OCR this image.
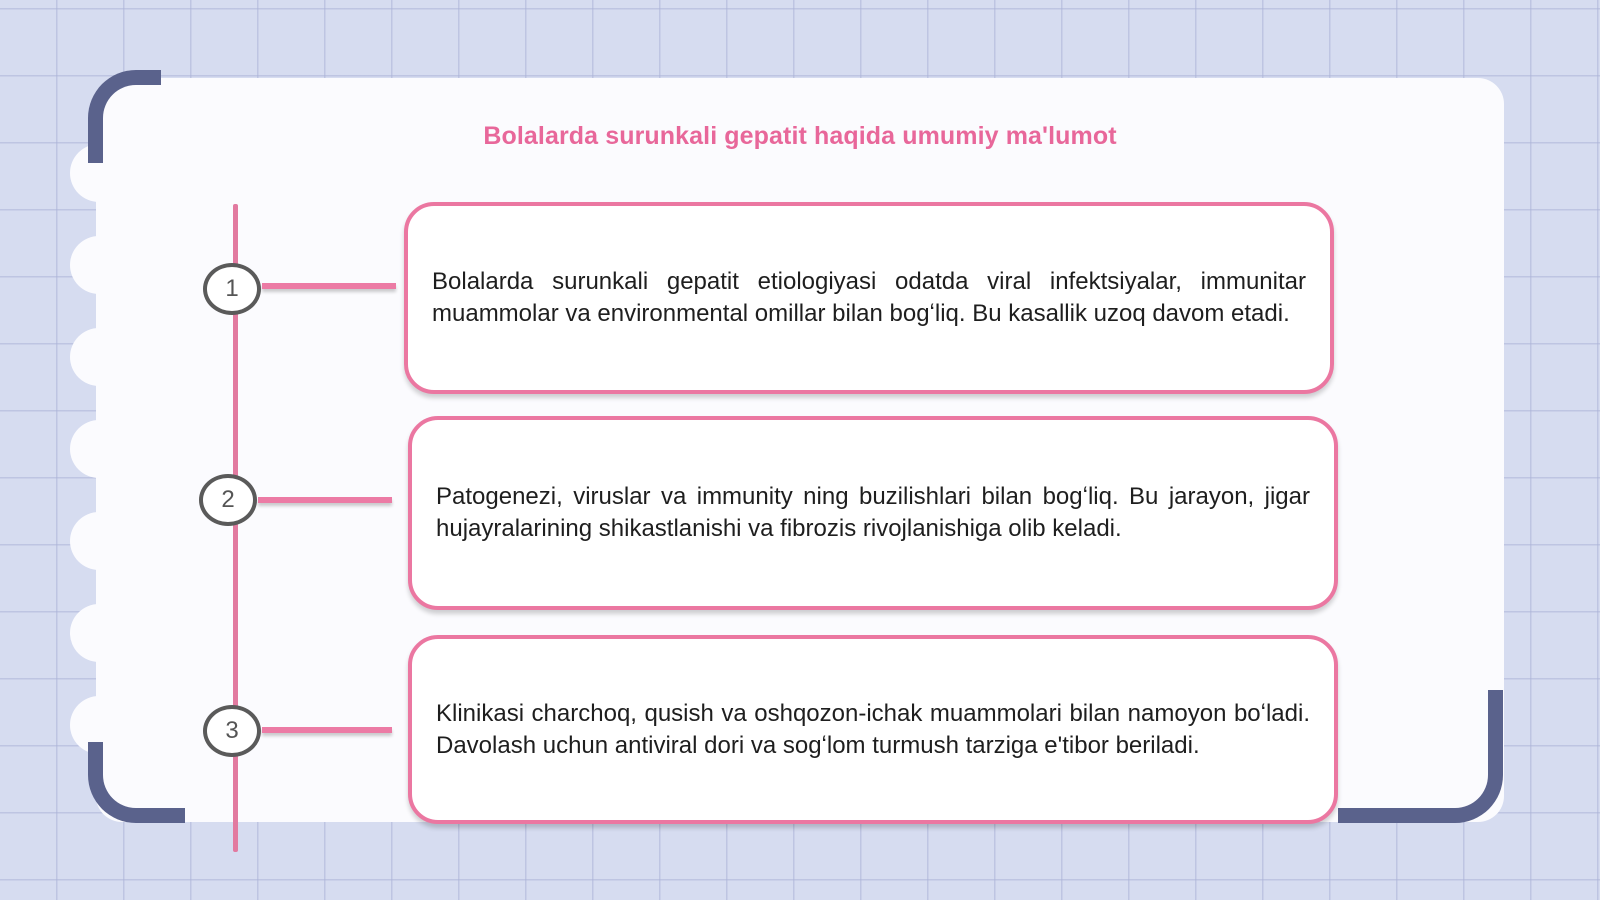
Bolalarda surunkali gepatit haqida umumiy ma'lumot
1	Bolalarda surunkali gepatit etiologiyasi odatda viral infektsiyalar, immunitar muammolar va environmental omillar bilan bogʻliq. Bu kasallik uzoq davom etadi.

2	Patogenezi, viruslar va immunity ning buzilishlari bilan bogʻliq. Bu jarayon, jigar hujayralarining shikastlanishi va fibrozis rivojlanishiga olib keladi.

3

Klinikasi charchoq, qusish va oshqozon-ichak muammolari bilan namoyon boʻladi. Davolash uchun antiviral dori va sogʻlom turmush tarziga e'tibor beriladi.
